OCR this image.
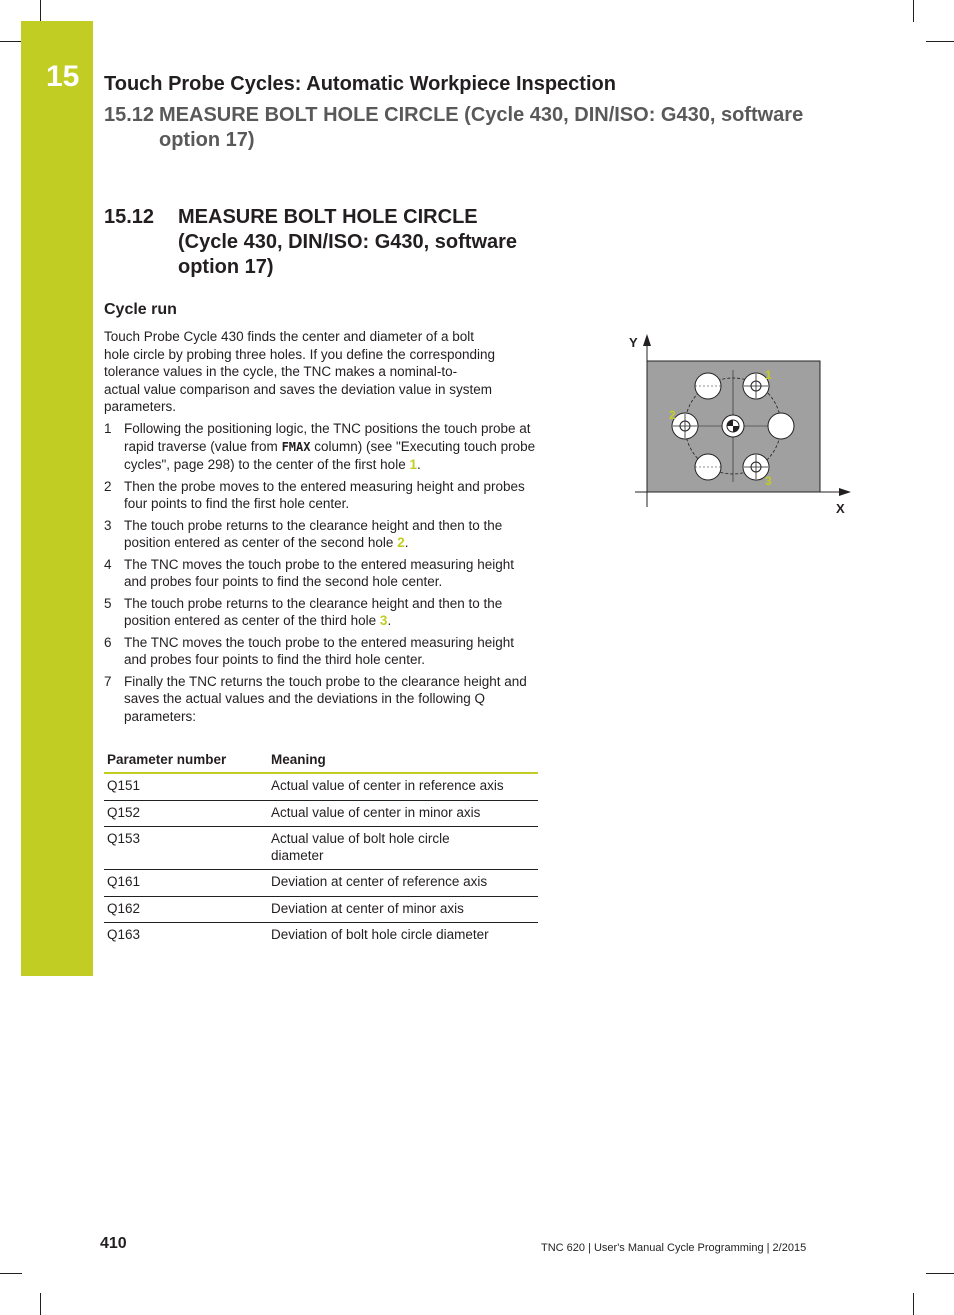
15 Touch Probe Cycles: Automatic Workpiece Inspection
15.12 MEASURE BOLT HOLE CIRCLE (Cycle 430, DIN/ISO: G430, software
option 17)
15.12 MEASURE BOLT HOLE CIRCLE
(Cycle 430, DIN/ISO: G430, software
option 17)
Cycle run
Touch Probe Cycle 430 finds the center and diameter of a bolt
hole circle by probing three holes. If you define the corresponding
tolerance values in the cycle, the TNC makes a nominal-to-
actual value comparison and saves the deviation value in system
parameters.
1 Following the positioning logic, the TNC positions the touch probe at rapid traverse (value from FMAX column) (see "Executing touch probe cycles", page 298) to the center of the first hole 1.
2 Then the probe moves to the entered measuring height and probes four points to find the first hole center.
3 The touch probe returns to the clearance height and then to the position entered as center of the second hole 2.
4 The TNC moves the touch probe to the entered measuring height and probes four points to find the second hole center.
5 The touch probe returns to the clearance height and then to the position entered as center of the third hole 3.
6 The TNC moves the touch probe to the entered measuring height and probes four points to find the third hole center.
7 Finally the TNC returns the touch probe to the clearance height and saves the actual values and the deviations in the following Q parameters:
Parameter number	Meaning
Q151	Actual value of center in reference axis
Q152	Actual value of center in minor axis
Q153	Actual value of bolt hole circle diameter
Q161	Deviation at center of reference axis
Q162	Deviation at center of minor axis
Q163	Deviation of bolt hole circle diameter
Y
X
1
2
3
410	TNC 620 | User's Manual Cycle Programming | 2/2015
